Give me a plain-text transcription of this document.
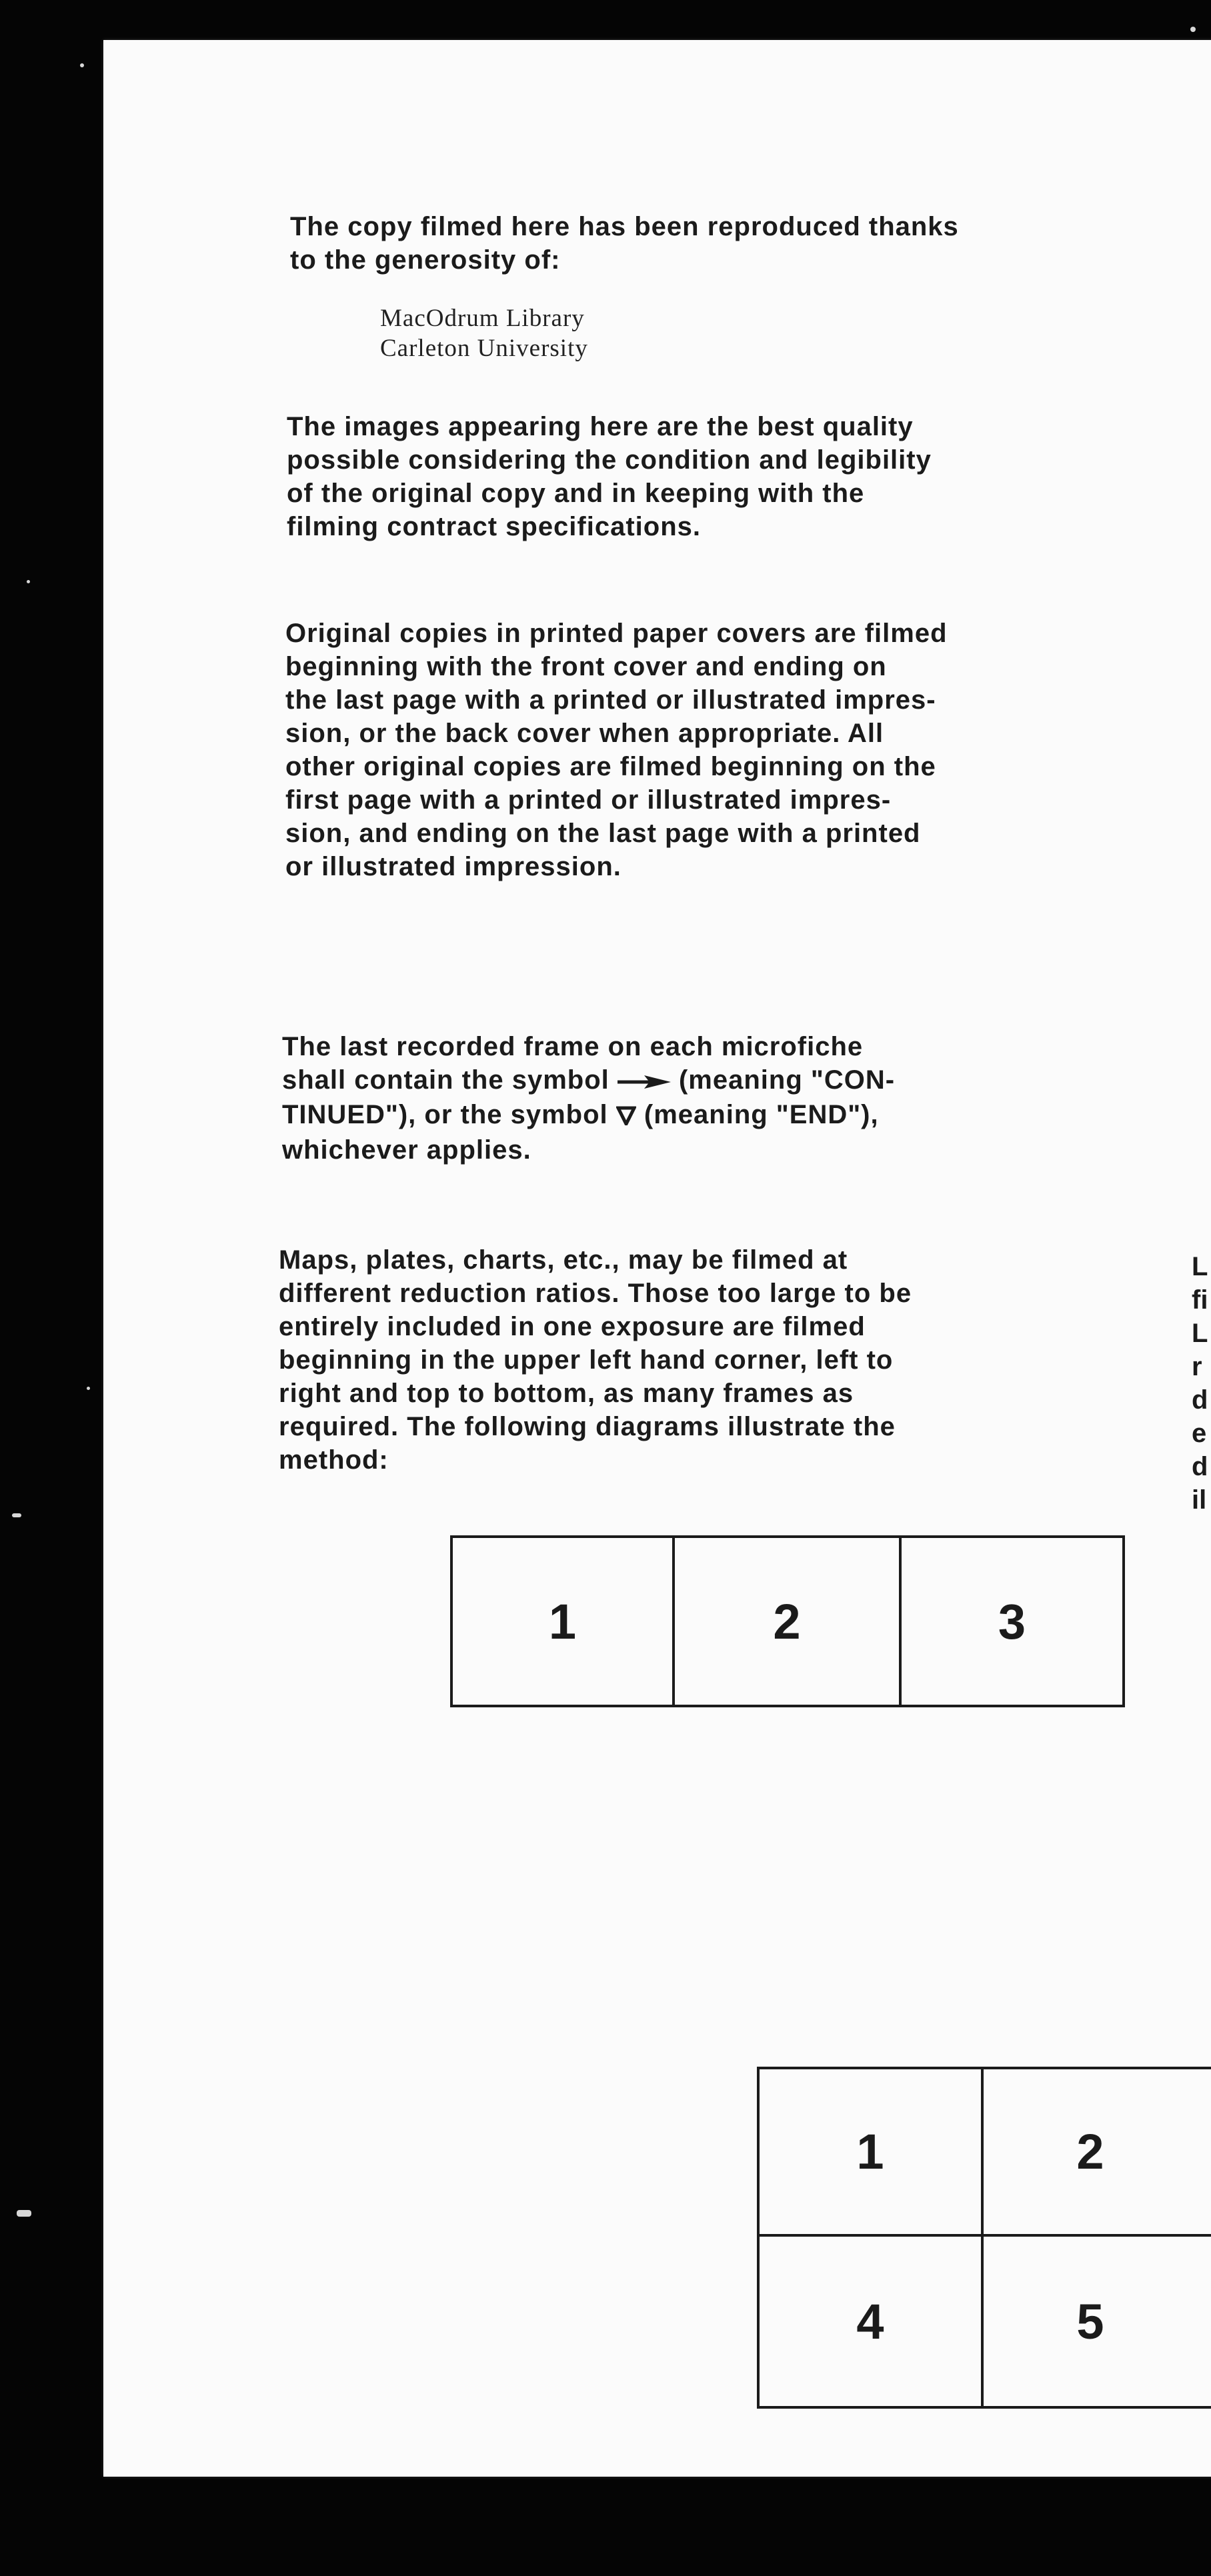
The copy filmed here has been reproduced thanks
to the generosity of:
MacOdrum Library
Carleton University
The images appearing here are the best quality
possible considering the condition and legibility
of the original copy and in keeping with the
filming contract specifications.
Original copies in printed paper covers are filmed
beginning with the front cover and ending on
the last page with a printed or illustrated impres-
sion, or the back cover when appropriate. All
other original copies are filmed beginning on the
first page with a printed or illustrated impres-
sion, and ending on the last page with a printed
or illustrated impression.
The last recorded frame on each microfiche
shall contain the symbol  (meaning "CON-
TINUED"), or the symbol  (meaning "END"),
whichever applies.
Maps, plates, charts, etc., may be filmed at
different reduction ratios. Those too large to be
entirely included in one exposure are filmed
beginning in the upper left hand corner, left to
right and top to bottom, as many frames as
required. The following diagrams illustrate the
method:
1	2	3
1	2
4	5
L
fi
L
r
d
e
d
il
